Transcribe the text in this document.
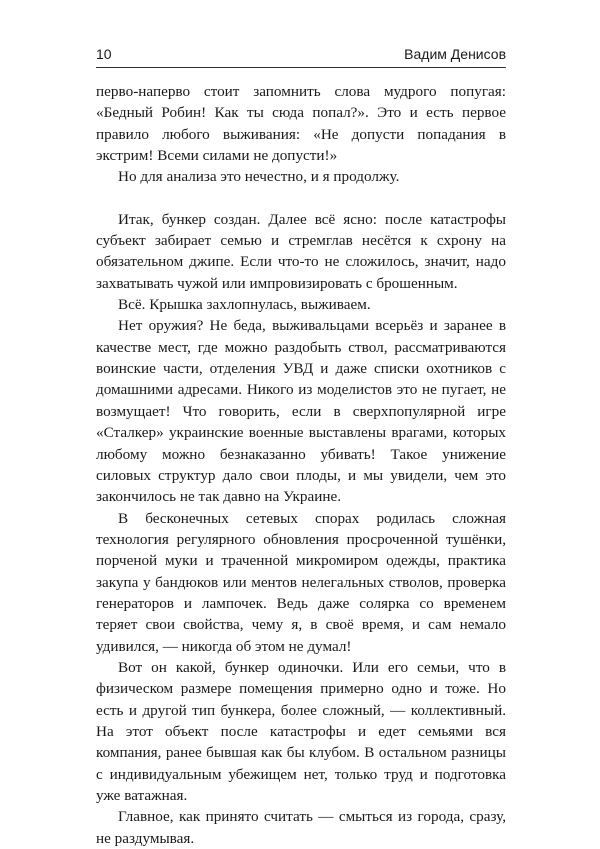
10	Вадим Денисов

первo-наперво стоит запомнить слова мудрого попугая: «Бедный Робин! Как ты сюда попал?». Это и есть первое правило любого выживания: «Не допусти попадания в экстрим! Всеми силами не допусти!»

Но для анализа это нечестно, и я продолжу.

Итак, бункер создан. Далее всё ясно: после катастрофы субъект забирает семью и стремглав несётся к схрону на обязательном джипе. Если что-то не сложилось, значит, надо захватывать чужой или импровизировать с брошенным.

Всё. Крышка захлопнулась, выживаем.

Нет оружия? Не беда, выживальцами всерьёз и заранее в качестве мест, где можно раздобыть ствол, рассматриваются воинские части, отделения УВД и даже списки охотников с домашними адресами. Никого из моделистов это не пугает, не возмущает! Что говорить, если в сверхпопулярной игре «Сталкер» украинские военные выставлены врагами, которых любому можно безнаказанно убивать! Такое унижение силовых структур дало свои плоды, и мы увидели, чем это закончилось не так давно на Украине.

В бесконечных сетевых спорах родилась сложная технология регулярного обновления просроченной тушёнки, порченой муки и траченной микромиром одежды, практика закупа у бандюков или ментов нелегальных стволов, проверка генераторов и лампочек. Ведь даже солярка со временем теряет свои свойства, чему я, в своё время, и сам немало удивился, — никогда об этом не думал!

Вот он какой, бункер одиночки. Или его семьи, что в физическом размере помещения примерно одно и тоже. Но есть и другой тип бункера, более сложный, — коллективный. На этот объект после катастрофы и едет семьями вся компания, ранее бывшая как бы клубом. В остальном разницы с индивидуальным убежищем нет, только труд и подготовка уже ватажная.

Главное, как принято считать — смыться из города, сразу, не раздумывая.
